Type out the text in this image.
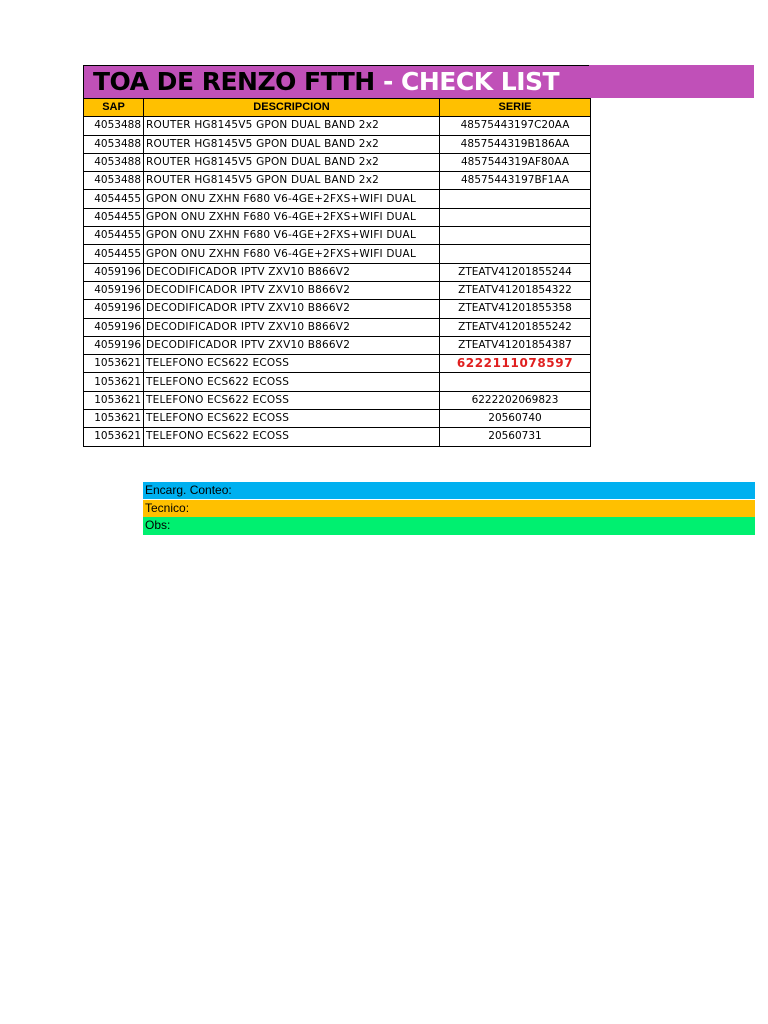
TOA DE RENZO FTTH - CHECK LIST
SAP	DESCRIPCION	SERIE
4053488	ROUTER HG8145V5 GPON DUAL BAND 2x2	48575443197C20AA
4053488	ROUTER HG8145V5 GPON DUAL BAND 2x2	4857544319B186AA
4053488	ROUTER HG8145V5 GPON DUAL BAND 2x2	4857544319AF80AA
4053488	ROUTER HG8145V5 GPON DUAL BAND 2x2	48575443197BF1AA
4054455	GPON ONU ZXHN F680 V6-4GE+2FXS+WIFI DUAL	
4054455	GPON ONU ZXHN F680 V6-4GE+2FXS+WIFI DUAL	
4054455	GPON ONU ZXHN F680 V6-4GE+2FXS+WIFI DUAL	
4054455	GPON ONU ZXHN F680 V6-4GE+2FXS+WIFI DUAL	
4059196	DECODIFICADOR IPTV ZXV10 B866V2	ZTEATV41201855244
4059196	DECODIFICADOR IPTV ZXV10 B866V2	ZTEATV41201854322
4059196	DECODIFICADOR IPTV ZXV10 B866V2	ZTEATV41201855358
4059196	DECODIFICADOR IPTV ZXV10 B866V2	ZTEATV41201855242
4059196	DECODIFICADOR IPTV ZXV10 B866V2	ZTEATV41201854387
1053621	TELEFONO ECS622 ECOSS	6222111078597
1053621	TELEFONO ECS622 ECOSS	
1053621	TELEFONO ECS622 ECOSS	6222202069823
1053621	TELEFONO ECS622 ECOSS	20560740
1053621	TELEFONO ECS622 ECOSS	20560731
Encarg. Conteo:
Tecnico:
Obs:
